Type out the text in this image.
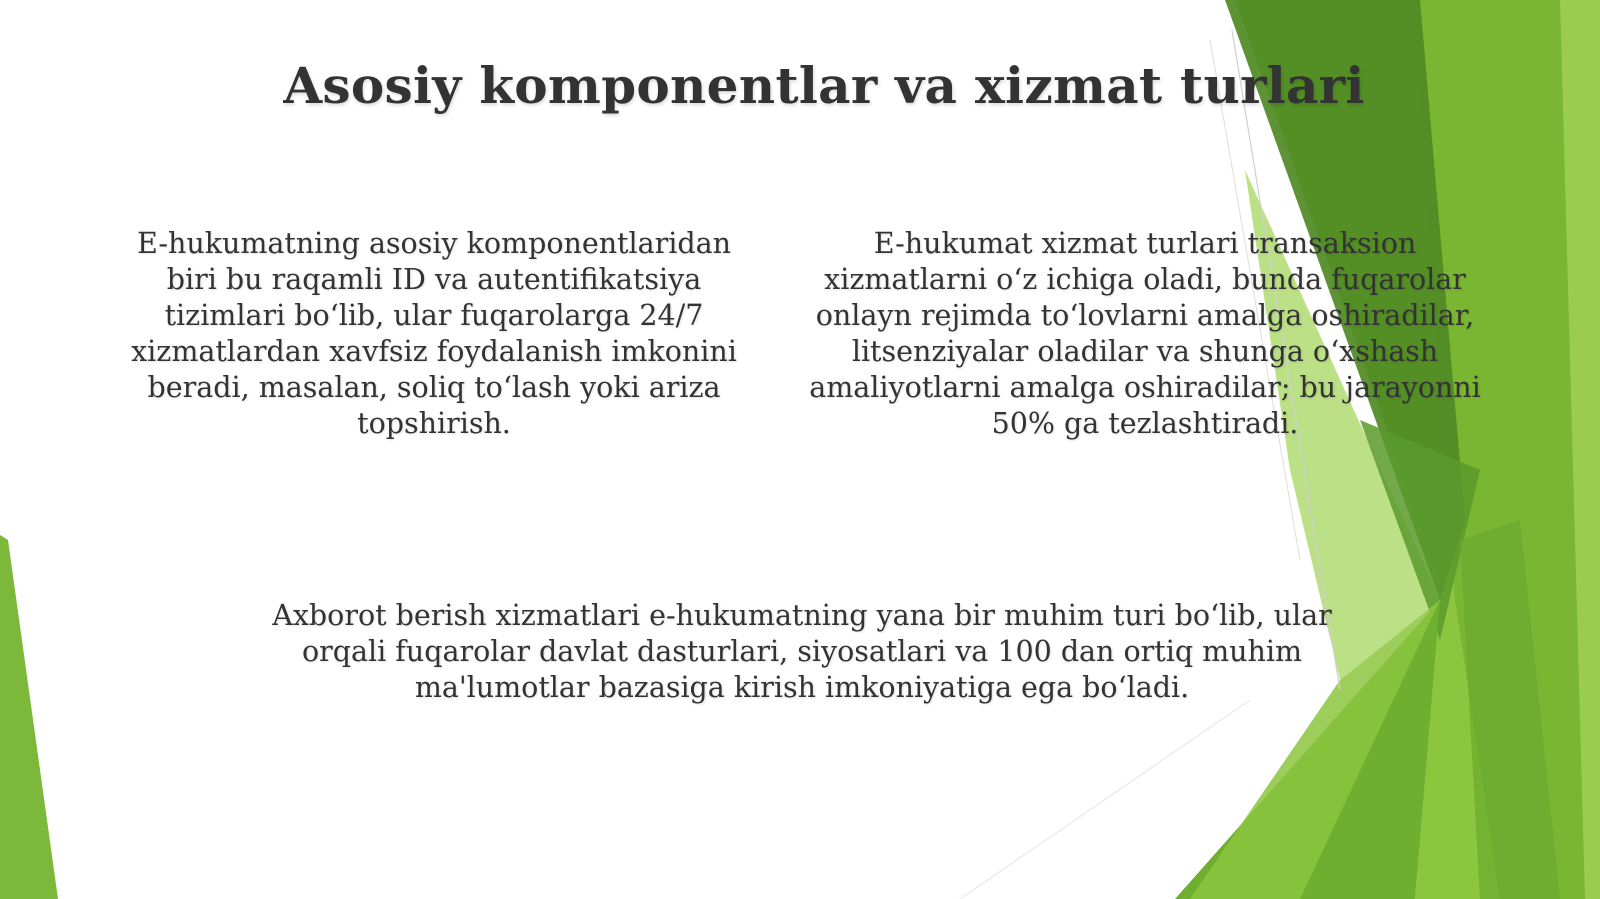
Asosiy komponentlar va xizmat turlari

E-hukumatning asosiy komponentlaridan biri bu raqamli ID va autentifikatsiya tizimlari bo‘lib, ular fuqarolarga 24/7 xizmatlardan xavfsiz foydalanish imkonini beradi, masalan, soliq to‘lash yoki ariza topshirish.

E-hukumat xizmat turlari transaksion xizmatlarni o‘z ichiga oladi, bunda fuqarolar onlayn rejimda to‘lovlarni amalga oshiradilar, litsenziyalar oladilar va shunga o‘xshash amaliyotlarni amalga oshiradilar; bu jarayonni 50% ga tezlashtiradi.

Axborot berish xizmatlari e-hukumatning yana bir muhim turi bo‘lib, ular orqali fuqarolar davlat dasturlari, siyosatlari va 100 dan ortiq muhim ma'lumotlar bazasiga kirish imkoniyatiga ega bo‘ladi.
